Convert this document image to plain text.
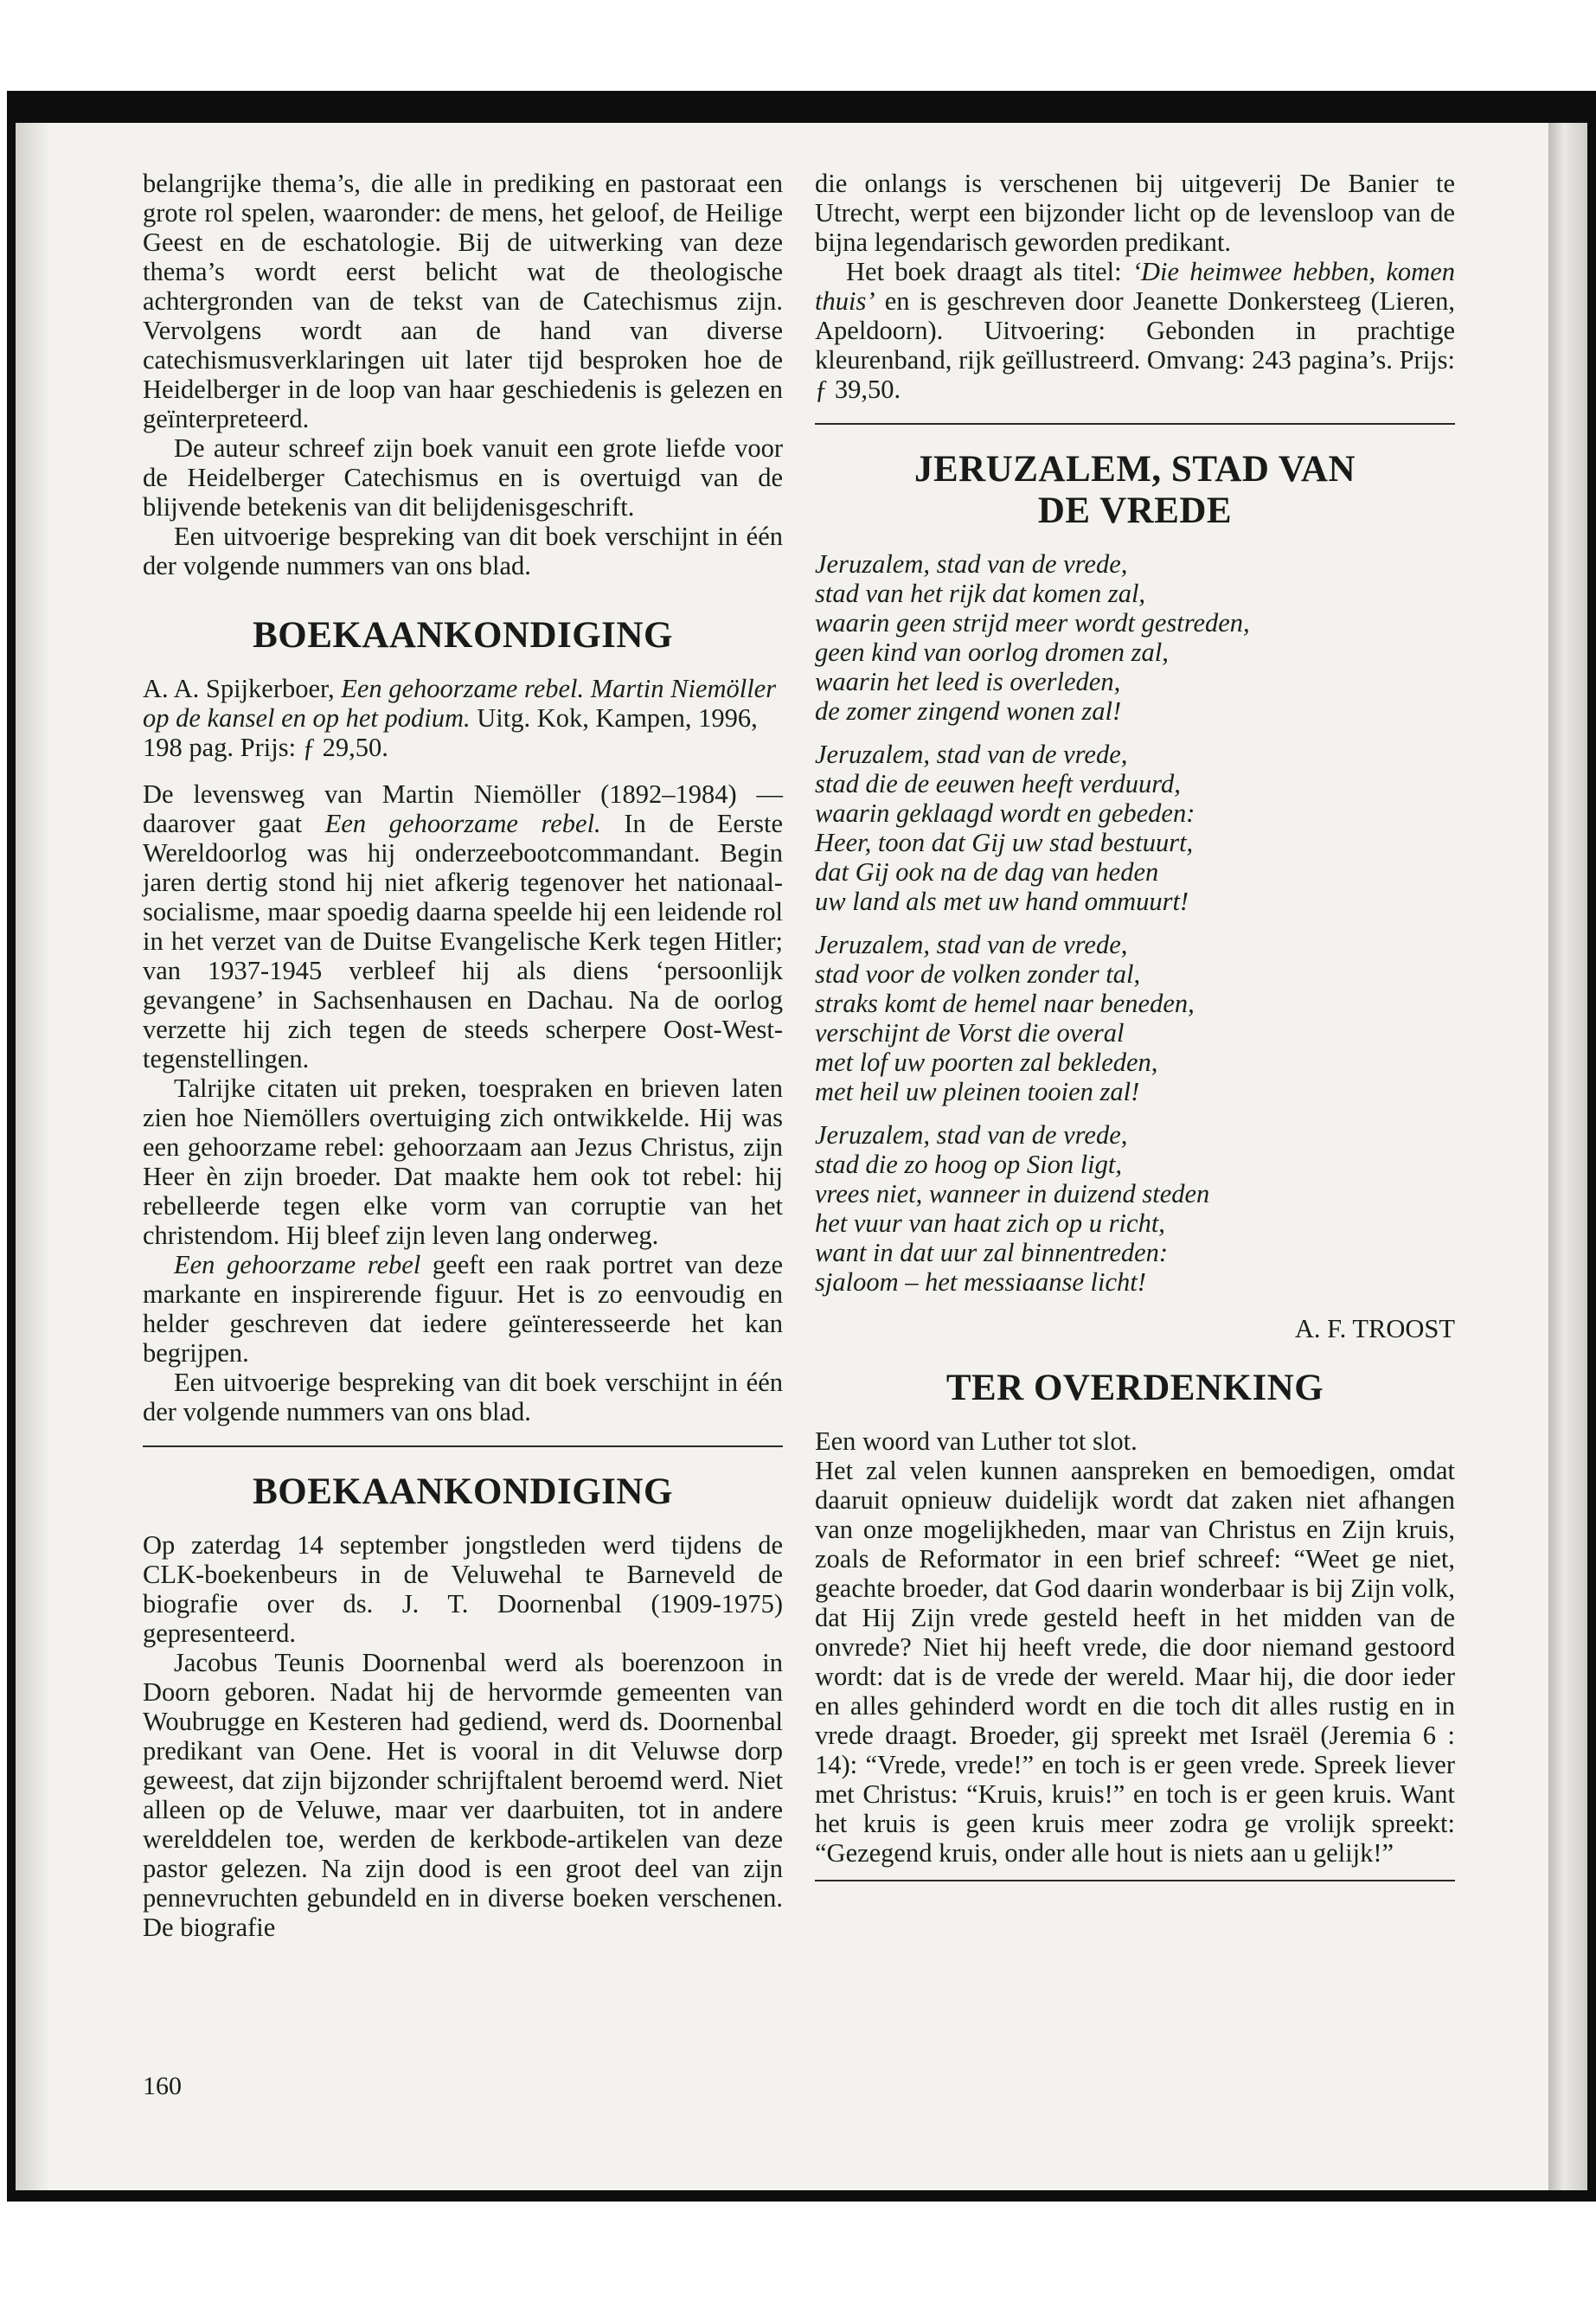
belangrijke thema’s, die alle in prediking en pastoraat een grote rol spelen, waaronder: de mens, het geloof, de Heilige Geest en de eschatologie. Bij de uitwerking van deze thema’s wordt eerst belicht wat de theologische achtergronden van de tekst van de Catechismus zijn. Vervolgens wordt aan de hand van diverse catechismusverklaringen uit later tijd besproken hoe de Heidelberger in de loop van haar geschiedenis is gelezen en geïnterpreteerd.

De auteur schreef zijn boek vanuit een grote liefde voor de Heidelberger Catechismus en is overtuigd van de blijvende betekenis van dit belijdenisgeschrift.

Een uitvoerige bespreking van dit boek verschijnt in één der volgende nummers van ons blad.

BOEKAANKONDIGING

A. A. Spijkerboer, Een gehoorzame rebel. Martin Niemöller op de kansel en op het podium. Uitg. Kok, Kampen, 1996, 198 pag. Prijs: ƒ 29,50.

De levensweg van Martin Niemöller (1892–1984) — daarover gaat Een gehoorzame rebel. In de Eerste Wereldoorlog was hij onderzeebootcommandant. Begin jaren dertig stond hij niet afkerig tegenover het nationaal-socialisme, maar spoedig daarna speelde hij een leidende rol in het verzet van de Duitse Evangelische Kerk tegen Hitler; van 1937-1945 verbleef hij als diens ‘persoonlijk gevangene’ in Sachsenhausen en Dachau. Na de oorlog verzette hij zich tegen de steeds scherpere Oost-West-tegenstellingen.

Talrijke citaten uit preken, toespraken en brieven laten zien hoe Niemöllers overtuiging zich ontwikkelde. Hij was een gehoorzame rebel: gehoorzaam aan Jezus Christus, zijn Heer èn zijn broeder. Dat maakte hem ook tot rebel: hij rebelleerde tegen elke vorm van corruptie van het christendom. Hij bleef zijn leven lang onderweg.

Een gehoorzame rebel geeft een raak portret van deze markante en inspirerende figuur. Het is zo eenvoudig en helder geschreven dat iedere geïnteresseerde het kan begrijpen.

Een uitvoerige bespreking van dit boek verschijnt in één der volgende nummers van ons blad.

BOEKAANKONDIGING

Op zaterdag 14 september jongstleden werd tijdens de CLK-boekenbeurs in de Veluwehal te Barneveld de biografie over ds. J. T. Doornenbal (1909-1975) gepresenteerd.

Jacobus Teunis Doornenbal werd als boerenzoon in Doorn geboren. Nadat hij de hervormde gemeenten van Woubrugge en Kesteren had gediend, werd ds. Doornenbal predikant van Oene. Het is vooral in dit Veluwse dorp geweest, dat zijn bijzonder schrijftalent beroemd werd. Niet alleen op de Veluwe, maar ver daarbuiten, tot in andere werelddelen toe, werden de kerkbode-artikelen van deze pastor gelezen. Na zijn dood is een groot deel van zijn pennevruchten gebundeld en in diverse boeken verschenen. De biografie

die onlangs is verschenen bij uitgeverij De Banier te Utrecht, werpt een bijzonder licht op de levensloop van de bijna legendarisch geworden predikant.

Het boek draagt als titel: ‘Die heimwee hebben, komen thuis’ en is geschreven door Jeanette Donkersteeg (Lieren, Apeldoorn). Uitvoering: Gebonden in prachtige kleurenband, rijk geïllustreerd. Omvang: 243 pagina’s. Prijs: ƒ 39,50.

JERUZALEM, STAD VAN DE VREDE
Jeruzalem, stad van de vrede,
stad van het rijk dat komen zal,
waarin geen strijd meer wordt gestreden,
geen kind van oorlog dromen zal,
waarin het leed is overleden,
de zomer zingend wonen zal!
Jeruzalem, stad van de vrede,
stad die de eeuwen heeft verduurd,
waarin geklaagd wordt en gebeden:
Heer, toon dat Gij uw stad bestuurt,
dat Gij ook na de dag van heden
uw land als met uw hand ommuurt!
Jeruzalem, stad van de vrede,
stad voor de volken zonder tal,
straks komt de hemel naar beneden,
verschijnt de Vorst die overal
met lof uw poorten zal bekleden,
met heil uw pleinen tooien zal!
Jeruzalem, stad van de vrede,
stad die zo hoog op Sion ligt,
vrees niet, wanneer in duizend steden
het vuur van haat zich op u richt,
want in dat uur zal binnentreden:
sjaloom – het messiaanse licht!

A. F. TROOST

TER OVERDENKING

Een woord van Luther tot slot.

Het zal velen kunnen aanspreken en bemoedigen, omdat daaruit opnieuw duidelijk wordt dat zaken niet afhangen van onze mogelijkheden, maar van Christus en Zijn kruis, zoals de Reformator in een brief schreef: “Weet ge niet, geachte broeder, dat God daarin wonderbaar is bij Zijn volk, dat Hij Zijn vrede gesteld heeft in het midden van de onvrede? Niet hij heeft vrede, die door niemand gestoord wordt: dat is de vrede der wereld. Maar hij, die door ieder en alles gehinderd wordt en die toch dit alles rustig en in vrede draagt. Broeder, gij spreekt met Israël (Jeremia 6 : 14): “Vrede, vrede!” en toch is er geen vrede. Spreek liever met Christus: “Kruis, kruis!” en toch is er geen kruis. Want het kruis is geen kruis meer zodra ge vrolijk spreekt: “Gezegend kruis, onder alle hout is niets aan u gelijk!”

160
